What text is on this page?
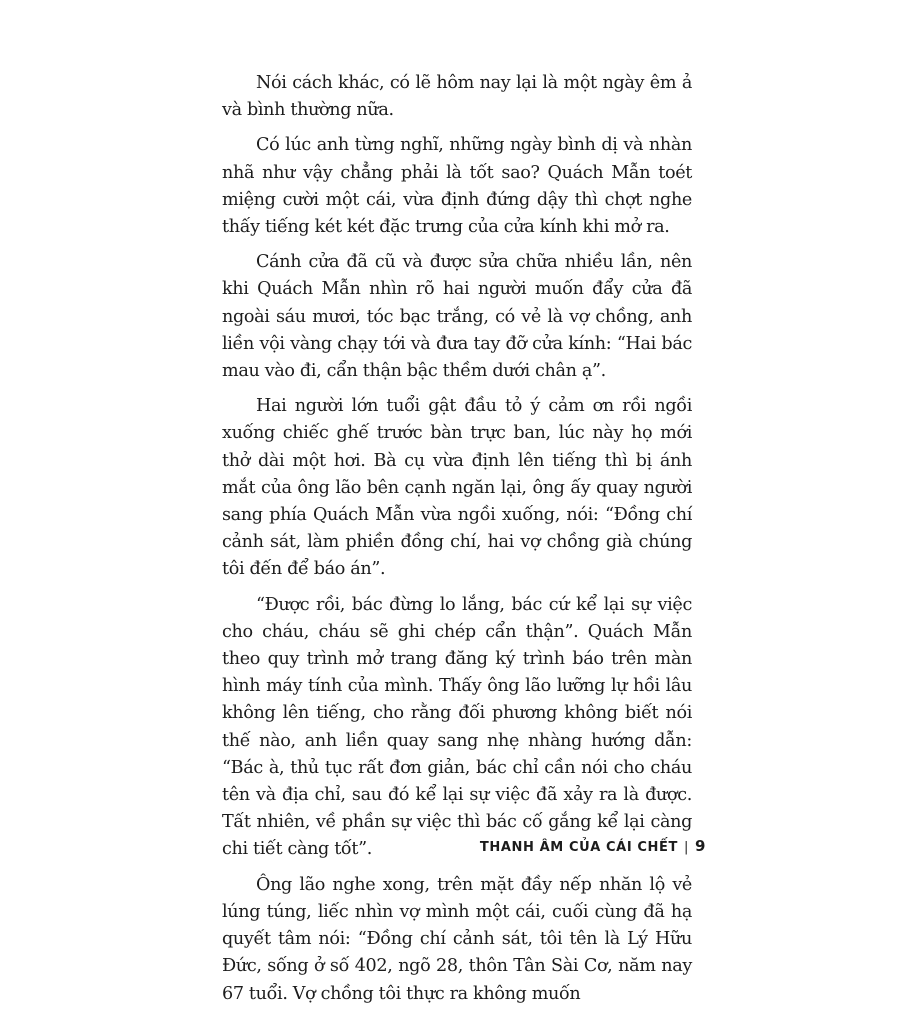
Nói cách khác, có lẽ hôm nay lại là một ngày êm ả và bình thường nữa.

Có lúc anh từng nghĩ, những ngày bình dị và nhàn nhã như vậy chẳng phải là tốt sao? Quách Mẫn toét miệng cười một cái, vừa định đứng dậy thì chợt nghe thấy tiếng két két đặc trưng của cửa kính khi mở ra.

Cánh cửa đã cũ và được sửa chữa nhiều lần, nên khi Quách Mẫn nhìn rõ hai người muốn đẩy cửa đã ngoài sáu mươi, tóc bạc trắng, có vẻ là vợ chồng, anh liền vội vàng chạy tới và đưa tay đỡ cửa kính: “Hai bác mau vào đi, cẩn thận bậc thềm dưới chân ạ”.

Hai người lớn tuổi gật đầu tỏ ý cảm ơn rồi ngồi xuống chiếc ghế trước bàn trực ban, lúc này họ mới thở dài một hơi. Bà cụ vừa định lên tiếng thì bị ánh mắt của ông lão bên cạnh ngăn lại, ông ấy quay người sang phía Quách Mẫn vừa ngồi xuống, nói: “Đồng chí cảnh sát, làm phiền đồng chí, hai vợ chồng già chúng tôi đến để báo án”.

“Được rồi, bác đừng lo lắng, bác cứ kể lại sự việc cho cháu, cháu sẽ ghi chép cẩn thận”. Quách Mẫn theo quy trình mở trang đăng ký trình báo trên màn hình máy tính của mình. Thấy ông lão lưỡng lự hồi lâu không lên tiếng, cho rằng đối phương không biết nói thế nào, anh liền quay sang nhẹ nhàng hướng dẫn: “Bác à, thủ tục rất đơn giản, bác chỉ cần nói cho cháu tên và địa chỉ, sau đó kể lại sự việc đã xảy ra là được. Tất nhiên, về phần sự việc thì bác cố gắng kể lại càng chi tiết càng tốt”.

Ông lão nghe xong, trên mặt đầy nếp nhăn lộ vẻ lúng túng, liếc nhìn vợ mình một cái, cuối cùng đã hạ quyết tâm nói: “Đồng chí cảnh sát, tôi tên là Lý Hữu Đức, sống ở số 402, ngõ 28, thôn Tân Sài Cơ, năm nay 67 tuổi. Vợ chồng tôi thực ra không muốn

THANH ÂM CỦA CÁI CHẾT | 9
